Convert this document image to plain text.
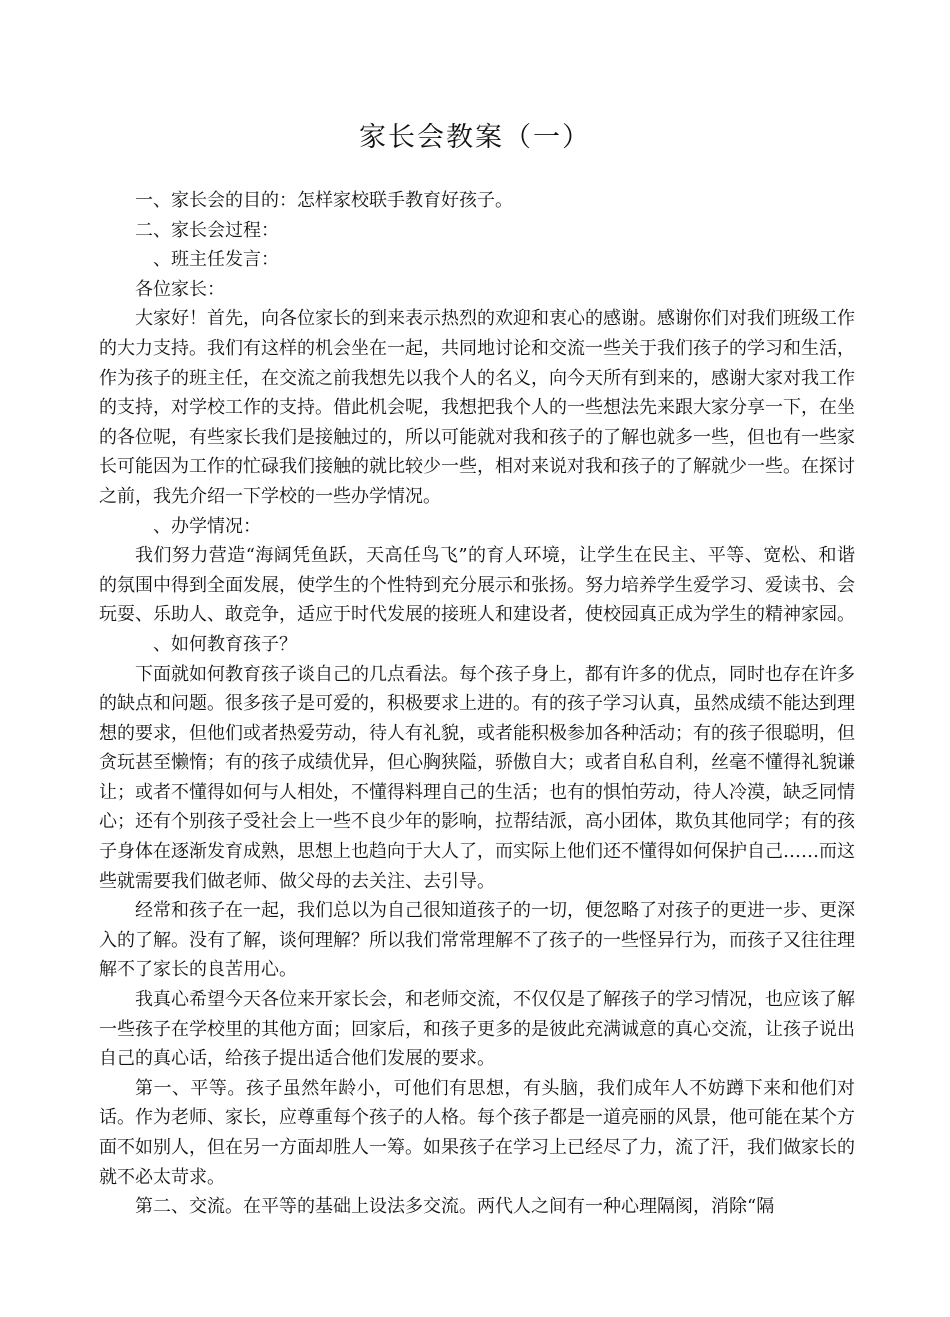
家长会教案（一）

一、家长会的目的：怎样家校联手教育好孩子。

二、家长会过程：

、班主任发言：

各位家长：

大家好！首先，向各位家长的到来表示热烈的欢迎和衷心的感谢。感谢你们对我们班级工作的大力支持。我们有这样的机会坐在一起，共同地讨论和交流一些关于我们孩子的学习和生活，作为孩子的班主任，在交流之前我想先以我个人的名义，向今天所有到来的，感谢大家对我工作的支持，对学校工作的支持。借此机会呢，我想把我个人的一些想法先来跟大家分享一下，在坐的各位呢，有些家长我们是接触过的，所以可能就对我和孩子的了解也就多一些，但也有一些家长可能因为工作的忙碌我们接触的就比较少一些，相对来说对我和孩子的了解就少一些。在探讨之前，我先介绍一下学校的一些办学情况。

、办学情况：

我们努力营造“海阔凭鱼跃，天高任鸟飞”的育人环境，让学生在民主、平等、宽松、和谐的氛围中得到全面发展，使学生的个性特到充分展示和张扬。努力培养学生爱学习、爱读书、会玩耍、乐助人、敢竞争，适应于时代发展的接班人和建设者，使校园真正成为学生的精神家园。

、如何教育孩子？

下面就如何教育孩子谈自己的几点看法。每个孩子身上，都有许多的优点，同时也存在许多的缺点和问题。很多孩子是可爱的，积极要求上进的。有的孩子学习认真，虽然成绩不能达到理想的要求，但他们或者热爱劳动，待人有礼貌，或者能积极参加各种活动；有的孩子很聪明，但贪玩甚至懒惰；有的孩子成绩优异，但心胸狭隘，骄傲自大；或者自私自利，丝毫不懂得礼貌谦让；或者不懂得如何与人相处，不懂得料理自己的生活；也有的惧怕劳动，待人冷漠，缺乏同情心；还有个别孩子受社会上一些不良少年的影响，拉帮结派，高小团体，欺负其他同学；有的孩子身体在逐渐发育成熟，思想上也趋向于大人了，而实际上他们还不懂得如何保护自己……而这些就需要我们做老师、做父母的去关注、去引导。

经常和孩子在一起，我们总以为自己很知道孩子的一切，便忽略了对孩子的更进一步、更深入的了解。没有了解，谈何理解？所以我们常常理解不了孩子的一些怪异行为，而孩子又往往理解不了家长的良苦用心。

我真心希望今天各位来开家长会，和老师交流，不仅仅是了解孩子的学习情况，也应该了解一些孩子在学校里的其他方面；回家后，和孩子更多的是彼此充满诚意的真心交流，让孩子说出自己的真心话，给孩子提出适合他们发展的要求。

第一、平等。孩子虽然年龄小，可他们有思想，有头脑，我们成年人不妨蹲下来和他们对话。作为老师、家长，应尊重每个孩子的人格。每个孩子都是一道亮丽的风景，他可能在某个方面不如别人，但在另一方面却胜人一筹。如果孩子在学习上已经尽了力，流了汗，我们做家长的就不必太苛求。

第二、交流。在平等的基础上设法多交流。两代人之间有一种心理隔阂，消除“隔
